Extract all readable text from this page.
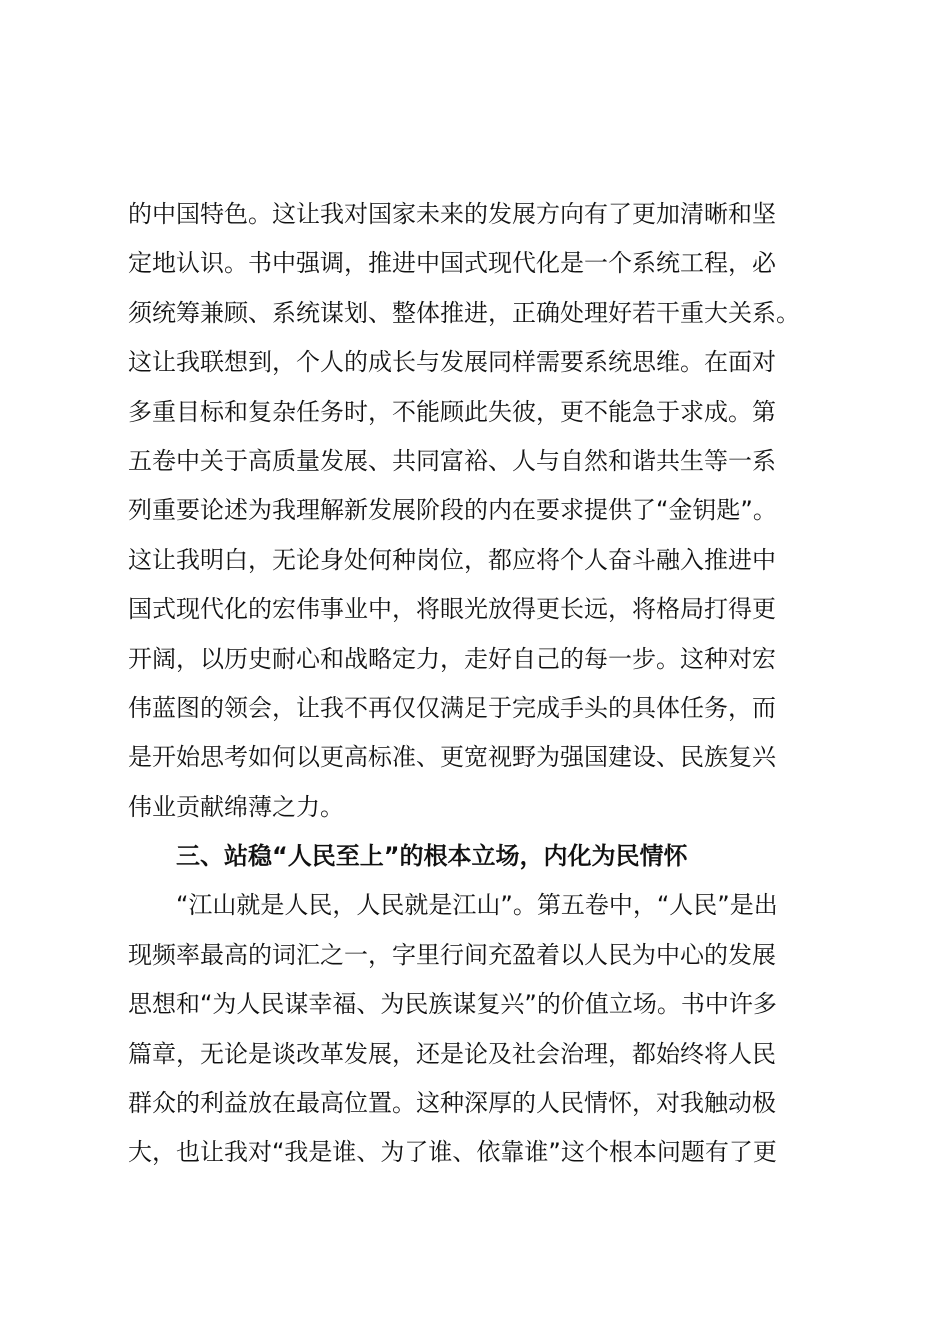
的中国特色。这让我对国家未来的发展方向有了更加清晰和坚
定地认识。书中强调，推进中国式现代化是一个系统工程，必
须统筹兼顾、系统谋划、整体推进，正确处理好若干重大关系。
这让我联想到，个人的成长与发展同样需要系统思维。在面对
多重目标和复杂任务时，不能顾此失彼，更不能急于求成。第
五卷中关于高质量发展、共同富裕、人与自然和谐共生等一系
列重要论述为我理解新发展阶段的内在要求提供了“金钥匙”。
这让我明白，无论身处何种岗位，都应将个人奋斗融入推进中
国式现代化的宏伟事业中，将眼光放得更长远，将格局打得更
开阔，以历史耐心和战略定力，走好自己的每一步。这种对宏
伟蓝图的领会，让我不再仅仅满足于完成手头的具体任务，而
是开始思考如何以更高标准、更宽视野为强国建设、民族复兴
伟业贡献绵薄之力。
三、站稳“人民至上”的根本立场，内化为民情怀
“江山就是人民，人民就是江山”。第五卷中，“人民”是出
现频率最高的词汇之一，字里行间充盈着以人民为中心的发展
思想和“为人民谋幸福、为民族谋复兴”的价值立场。书中许多
篇章，无论是谈改革发展，还是论及社会治理，都始终将人民
群众的利益放在最高位置。这种深厚的人民情怀，对我触动极
大，也让我对“我是谁、为了谁、依靠谁”这个根本问题有了更
